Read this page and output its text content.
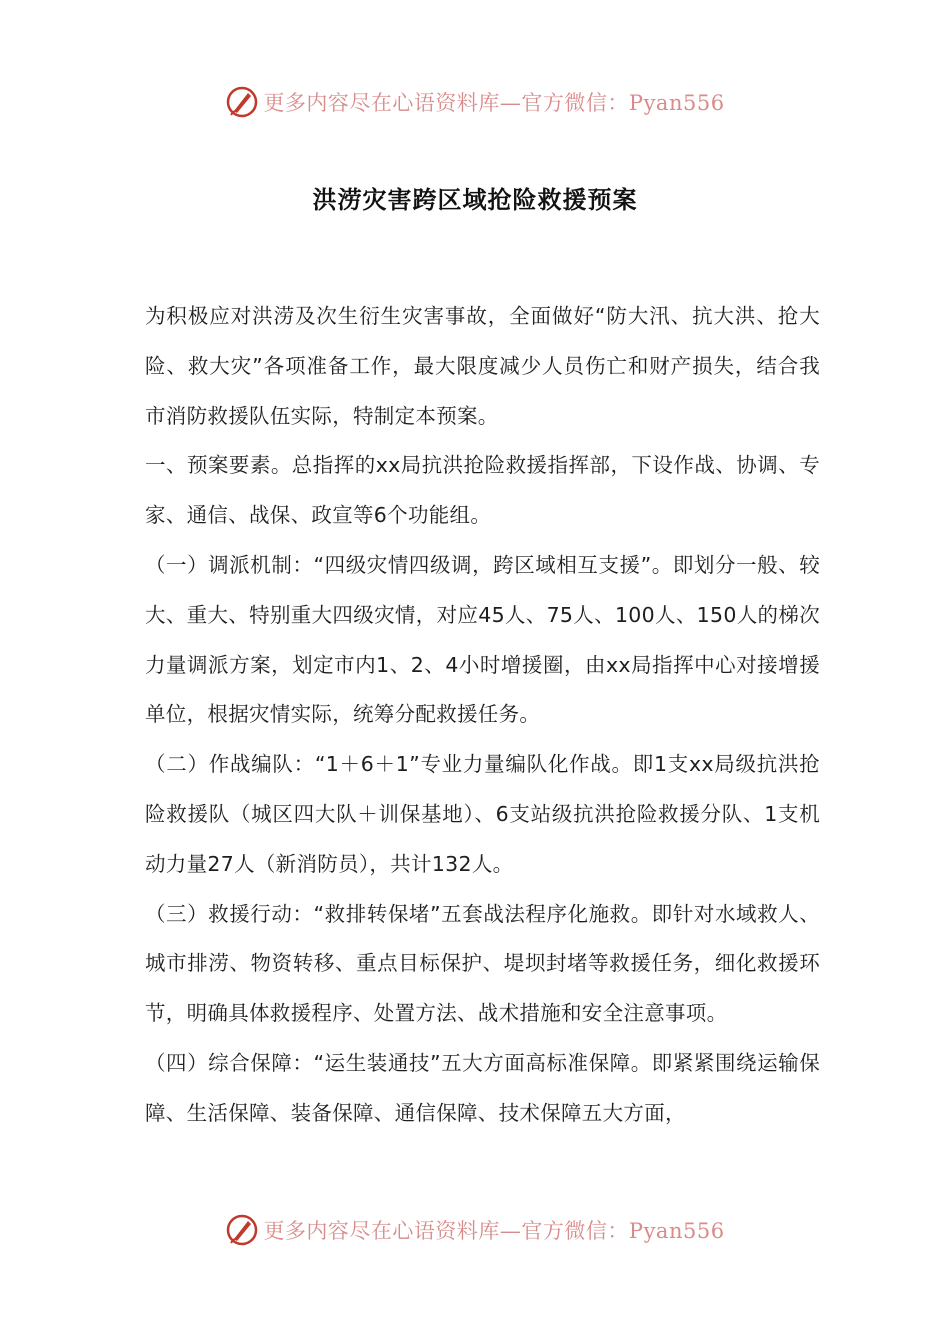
更多内容尽在心语资料库—官方微信：Pyan556
洪涝灾害跨区域抢险救援预案

为积极应对洪涝及次生衍生灾害事故，全面做好“防大汛、抗大洪、抢大险、救大灾”各项准备工作，最大限度减少人员伤亡和财产损失，结合我市消防救援队伍实际，特制定本预案。

一、预案要素。总指挥的xx局抗洪抢险救援指挥部，下设作战、协调、专家、通信、战保、政宣等6个功能组。

（一）调派机制：“四级灾情四级调，跨区域相互支援”。即划分一般、较大、重大、特别重大四级灾情，对应45人、75人、100人、150人的梯次力量调派方案，划定市内1、2、4小时增援圈，由xx局指挥中心对接增援单位，根据灾情实际，统筹分配救援任务。

（二）作战编队：“1＋6＋1”专业力量编队化作战。即1支xx局级抗洪抢险救援队（城区四大队＋训保基地）、6支站级抗洪抢险救援分队、1支机动力量27人（新消防员），共计132人。

（三）救援行动：“救排转保堵”五套战法程序化施救。即针对水域救人、城市排涝、物资转移、重点目标保护、堤坝封堵等救援任务，细化救援环节，明确具体救援程序、处置方法、战术措施和安全注意事项。

（四）综合保障：“运生装通技”五大方面高标准保障。即紧紧围绕运输保障、生活保障、装备保障、通信保障、技术保障五大方面，

更多内容尽在心语资料库—官方微信：Pyan556
